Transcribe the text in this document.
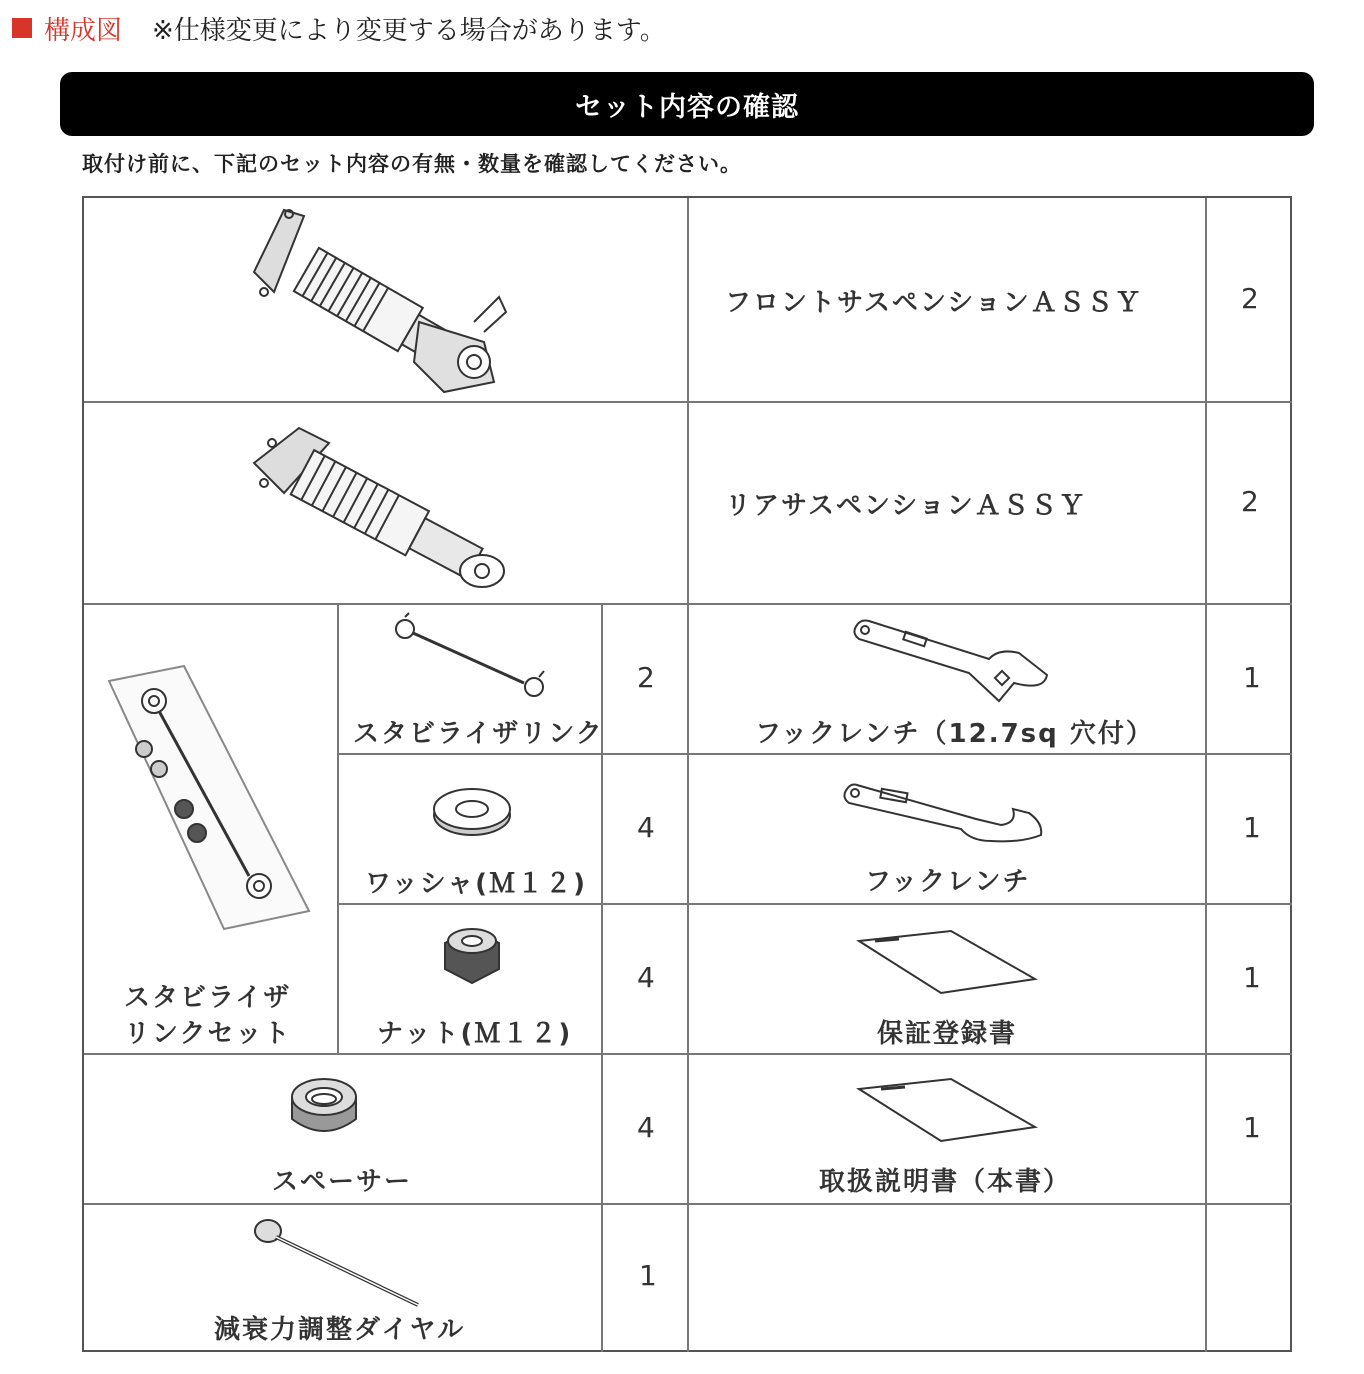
構成図 ※仕様変更により変更する場合があります。
セット内容の確認
取付け前に、下記のセット内容の有無・数量を確認してください。
フロントサスペンションＡＳＳＹ	2
リアサスペンションＡＳＳＹ	2
スタビライザ
リンクセット
スタビライザリンク
2
フックレンチ（12.7sq 穴付）
1
ワッシャ(Ｍ１２)
4
フックレンチ
1
ナット(Ｍ１２)
4
保証登録書
1
スペーサー
4
取扱説明書（本書）
1
減衰力調整ダイヤル
1
